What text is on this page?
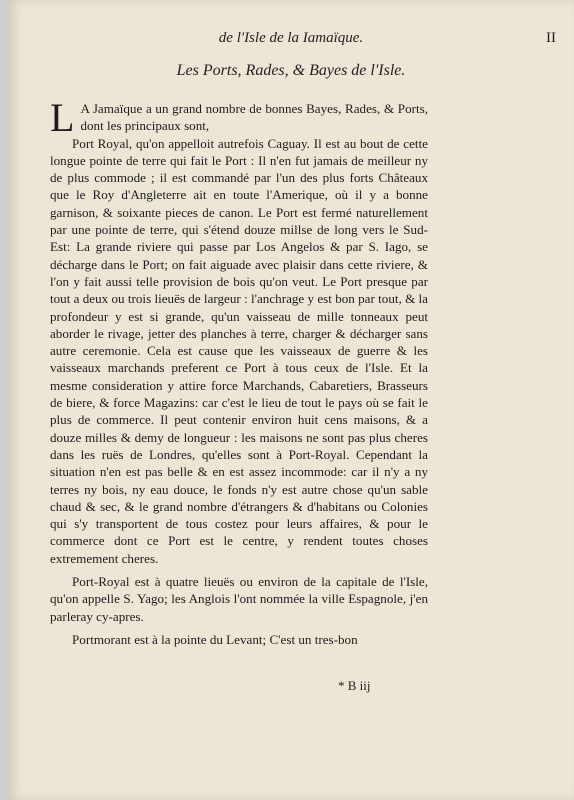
de l'Isle de la Iamaïque.	II
Les Ports, Rades, & Bayes de l'Isle.

L A Jamaïque a un grand nombre de bonnes Bayes, Rades, & Ports, dont les principaux sont,

Port Royal, qu'on appelloit autrefois Caguay. Il est au bout de cette longue pointe de terre qui fait le Port : Il n'en fut jamais de meilleur ny de plus commode ; il est commandé par l'un des plus forts Châteaux que le Roy d'Angleterre ait en toute l'Amerique, où il y a bonne garnison, & soixante pieces de canon. Le Port est fermé naturellement par une pointe de terre, qui s'étend douze millse de long vers le Sud-Est: La grande riviere qui passe par Los Angelos & par S. Iago, se décharge dans le Port; on fait aiguade avec plaisir dans cette riviere, & l'on y fait aussi telle provision de bois qu'on veut. Le Port presque par tout a deux ou trois lieuës de largeur : l'anchrage y est bon par tout, & la profondeur y est si grande, qu'un vaisseau de mille tonneaux peut aborder le rivage, jetter des planches à terre, charger & décharger sans autre ceremonie. Cela est cause que les vaisseaux de guerre & les vaisseaux marchands preferent ce Port à tous ceux de l'Isle. Et la mesme consideration y attire force Marchands, Cabaretiers, Brasseurs de biere, & force Magazins: car c'est le lieu de tout le pays où se fait le plus de commerce. Il peut contenir environ huit cens maisons, & a douze milles & demy de longueur : les maisons ne sont pas plus cheres dans les ruës de Londres, qu'elles sont à Port-Royal. Cependant la situation n'en est pas belle & en est assez incommode: car il n'y a ny terres ny bois, ny eau douce, le fonds n'y est autre chose qu'un sable chaud & sec, & le grand nombre d'étrangers & d'habitans ou Colonies qui s'y transportent de tous costez pour leurs affaires, & pour le commerce dont ce Port est le centre, y rendent toutes choses extremement cheres.

Port-Royal est à quatre lieuës ou environ de la capitale de l'Isle, qu'on appelle S. Yago; les Anglois l'ont nommée la ville Espagnole, j'en parleray cy-apres.

Portmorant est à la pointe du Levant; C'est un tres-bon

* B iij
